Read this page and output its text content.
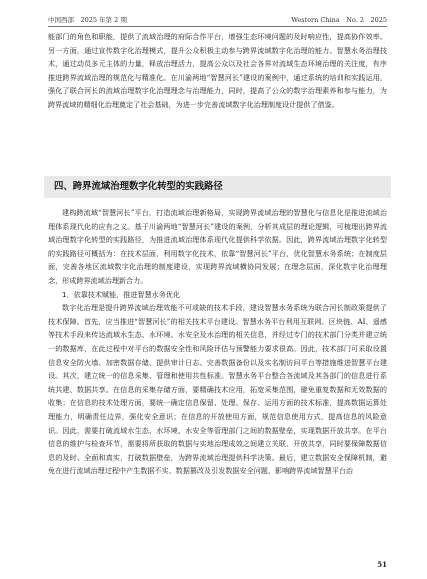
中国西部　2025 年第 2 期	Western China　No. 2　2025

能部门的角色和职能，提供了流域治理的府际合作平台，增强生态环境问题的及时响应性，提高协作效率。另一方面，通过宣传数字化治理模式，提升公众积极主动参与跨界流域数字化治理的能力。智慧水务治理技术，通过动员多元主体的力量，释放治理活力，提高公众以及社会各界对流域生态环境治理的关注度，有序推进跨界流域治理的规范化与精准化。在川渝两地“智慧河长”建设的案例中，通过系统的培训和实践运用，强化了联合河长的流域治理数字化治理理念与治理能力，同时，提高了公众的数字治理素养和参与能力，为跨界流域的精细化治理奠定了社会基础，为进一步完善流域数字化治理制度设计提供了借鉴。

四、跨界流域治理数字化转型的实践路径

建构跨流域“智慧河长”平台，打造流域治理新格局，实现跨界流域治理的智慧化与信息化是推进流域治理体系现代化的应有之义。基于川渝两地“智慧河长”建设的案例，分析其成层的理论逻辑，可梳理出跨界流域治理数字化转型的实践路径，为推进流域治理体系现代化提供科学依据。因此，跨界流域治理数字化转型的实践路径可概括为：在技术层面，利用数字化技术，依靠“智慧河长”平台，优化智慧水务系统；在制度层面，完善各地区流域数字化治理的制度建设，实现跨界流域横协同发展；在理念层面，深化数字化治理理念，形成跨界流域治理新合力。

1．依靠技术赋能，推进智慧水务优化

数字化治理是提升跨界流域治理效能不可或缺的技术手段，建设智慧水务系统为联合河长制政策提供了技术保障。首先，应当推进“智慧河长”的相关技术平台建设。智慧水务平台利用互联网、区块链、AI、遥感等技术手段来传达流域水生态、水环境、水安全及水治理的相关信息，并经过专门的技术部门分类并建立统一的数据库，在此过程中对平台的数据安全性和风险评估与预警能力要求很高。因此，技术部门可采取设置信息安全防火墙、加密数据存储、提供审计日志、完善数据备份以及实名制访问平台等措施维进智慧平台建设。其次，建立统一的信息采集、管理和使用共性标准。智慧水务平台整合各流域及其各部门的信息进行系统共建、数据共享。在信息的采集存储方面，要精确技术应用，拓宽采集范围，避免重复数据和无效数据的收集；在信息的技术处理方面，要统一确定信息保留、处理、保存、运用方面的技术标准，提高数据运算处理能力，明确责任边界，强化安全意识；在信息的开放使用方面，规范信息使用方式，提高信息的风险意识。因此，需要打破流域水生态、水环境、水安全等管理部门之间的数据壁垒，实现数据开放共享。在平台信息的维护与检查环节，需要将所获取的数据与实地治理成效之间建立关联、开放共享，同时要保障数据信息的及时、全面和真实，打破数据壁垒，为跨界流域治理提供科学决策。最后，建立数据安全保障机制，避免在进行流域治理过程中产生数据不实、数据篡改及引发数据安全问题，影响跨界流域智慧平台治

51
